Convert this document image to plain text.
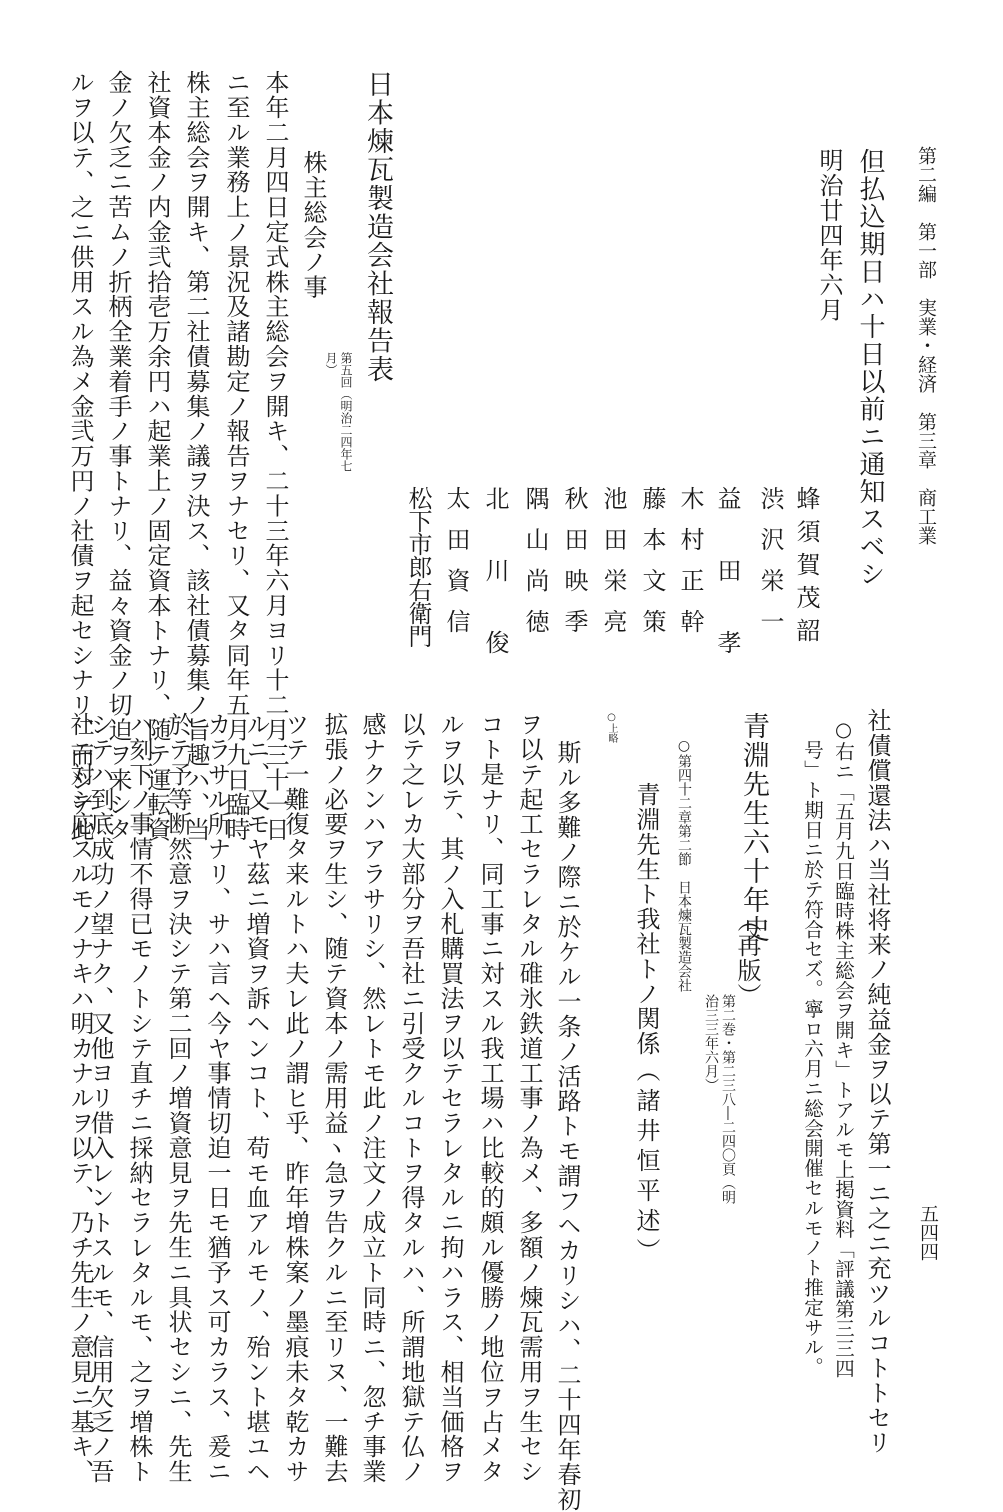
第二編　第一部　実業・経済　第三章　商工業
五四四
但払込期日ハ十日以前ニ通知スベシ
明治廿四年六月
蜂須賀茂韶
渋沢栄一
益田孝
木村正幹
藤本文策
池田栄亮
秋田映季
隅山尚徳
北川俊
太田資信
松下市郎右衛門
日本煉瓦製造会社報告表
第五回（明治二四年七月）
株主総会ノ事
本年二月四日定式株主総会ヲ開キ、二十三年六月ヨリ十二月三十一日
ニ至ル業務上ノ景況及諸勘定ノ報告ヲナセリ、又タ同年五月九日臨時
株主総会ヲ開キ、第二社債募集ノ議ヲ決ス、該社債募集ノ旨趣ハ、当
社資本金ノ内金弐拾壱万余円ハ起業上ノ固定資本トナリ、随テ運転資
金ノ欠乏ニ苦ムノ折柄全業着手ノ事トナリ、益々資金ノ切迫ヲ来シタ
ルヲ以テ、之ニ供用スル為メ金弐万円ノ社債ヲ起セシナリ、而シテ此
社債償還法ハ当社将来ノ純益金ヲ以テ第一ニ之ニ充ツルコトトセリ
○右ニ「五月九日臨時株主総会ヲ開キ」トアルモ上掲資料「評議第三三四
号」ト期日ニ於テ符合セズ。寧ロ六月ニ総会開催セルモノト推定サル。
青淵先生六十年史
（再版）
第二巻・第二三八―二四〇頁（明治三三年六月）
○第四十二章第二節　日本煉瓦製造会社
青淵先生ト我社トノ関係
（諸井恒平述）
○上略
斯ル多難ノ際ニ於ケル一条ノ活路トモ謂フヘカリシハ、二十四年春初
ヲ以テ起工セラレタル碓氷鉄道工事ノ為メ、多額ノ煉瓦需用ヲ生セシ
コト是ナリ、同工事ニ対スル我工場ハ比較的頗ル優勝ノ地位ヲ占メタ
ルヲ以テ、其ノ入札購買法ヲ以テセラレタルニ拘ハラス、相当価格ヲ
以テ之レカ大部分ヲ吾社ニ引受クルコトヲ得タルハ、所謂地獄テ仏ノ
感ナクンハアラサリシ、然レトモ此ノ注文ノ成立ト同時ニ、忽チ事業
拡張ノ必要ヲ生シ、随テ資本ノ需用益ヽ急ヲ告クルニ至リヌ、一難去
ツテ一難復タ来ルトハ夫レ此ノ謂ヒ乎、昨年増株案ノ墨痕未タ乾カサ
ルニ、又モヤ茲ニ増資ヲ訴ヘンコト、苟モ血アルモノ、殆ント堪ユヘ
カラサル所ナリ、サハ言ヘ今ヤ事情切迫一日モ猶予ス可カラス、爰ニ
於テ予等断然意ヲ決シテ第二回ノ増資意見ヲ先生ニ具状セシニ、先生
ハ刻下ノ事情不得已モノトシテ直チニ採納セラレタルモ、之ヲ増株ト
シテハ到底成功ノ望ナク、又他ヨリ借入レントスルモ、信用欠乏ノ吾
社ニ対シ応スルモノナキハ明カナルヲ以テ、乃チ先生ノ意見ニ基キ、
